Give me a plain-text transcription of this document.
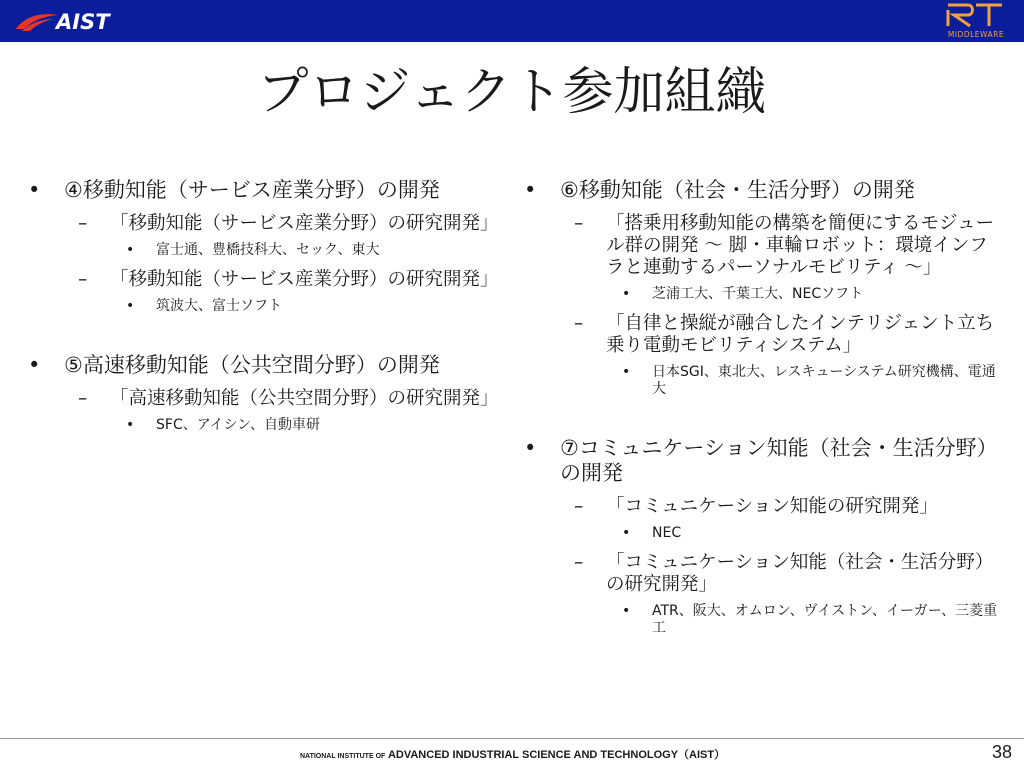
AIST
MIDDLEWARE
プロジェクト参加組織
• ④移動知能（サービス産業分野）の開発
– 「移動知能（サービス産業分野）の研究開発」
• 富士通、豊橋技科大、セック、東大
– 「移動知能（サービス産業分野）の研究開発」
• 筑波大、富士ソフト
• ⑤高速移動知能（公共空間分野）の開発
– 「高速移動知能（公共空間分野）の研究開発」
• SFC、アイシン、自動車研
• ⑥移動知能（社会・生活分野）の開発
– 「搭乗用移動知能の構築を簡便にするモジュール群の開発 ～ 脚・車輪ロボット：環境インフラと連動するパーソナルモビリティ ～」
• 芝浦工大、千葉工大、NECソフト
– 「自律と操縦が融合したインテリジェント立ち乗り電動モビリティシステム」
• 日本SGI、東北大、レスキューシステム研究機構、電通大
• ⑦コミュニケーション知能（社会・生活分野）の開発
– 「コミュニケーション知能の研究開発」
• NEC
– 「コミュニケーション知能（社会・生活分野）の研究開発」
• ATR、阪大、オムロン、ヴイストン、イーガー、三菱重工
NATIONAL INSTITUTE OF ADVANCED INDUSTRIAL SCIENCE AND TECHNOLOGY（AIST）	38
